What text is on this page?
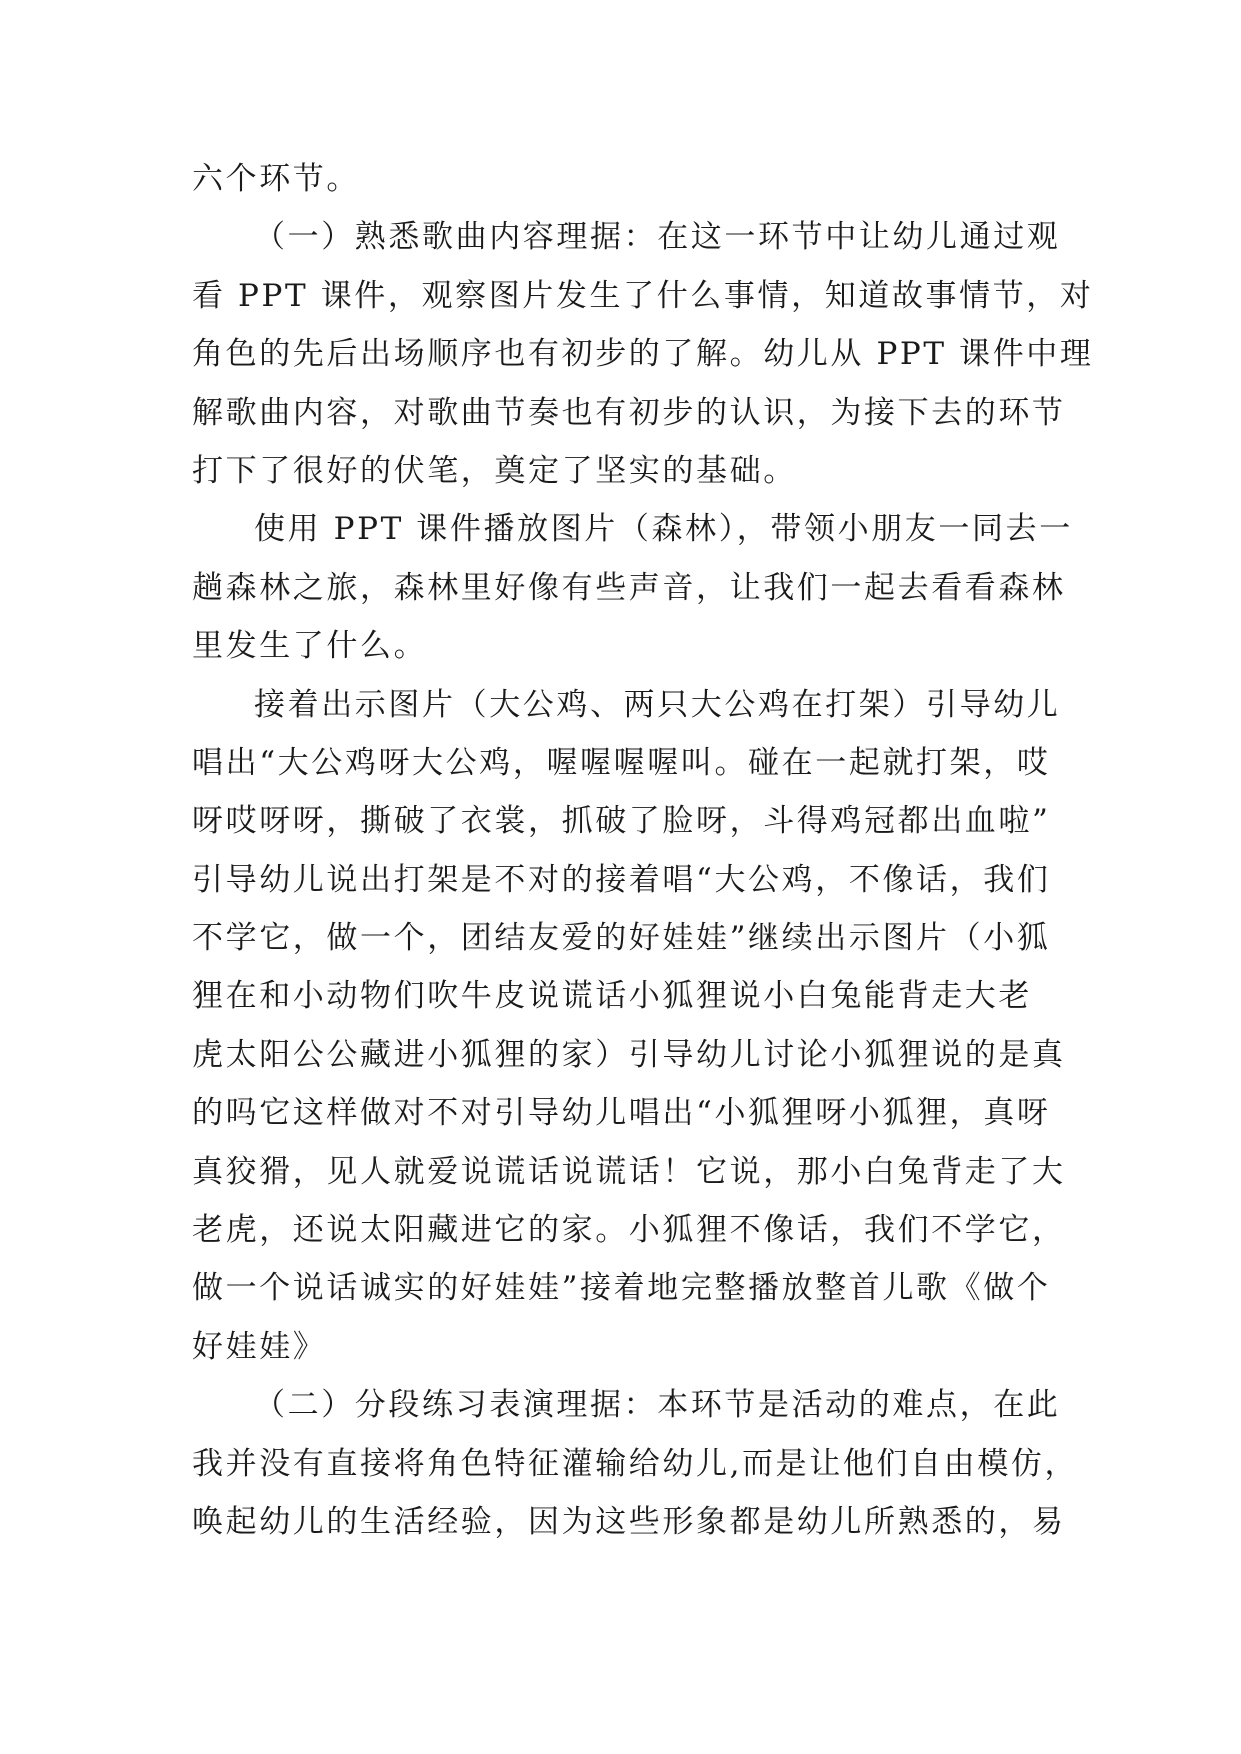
六个环节。
（一）熟悉歌曲内容理据：在这一环节中让幼儿通过观
看 PPT 课件，观察图片发生了什么事情，知道故事情节，对
角色的先后出场顺序也有初步的了解。幼儿从 PPT 课件中理
解歌曲内容，对歌曲节奏也有初步的认识，为接下去的环节
打下了很好的伏笔，奠定了坚实的基础。
使用 PPT 课件播放图片（森林），带领小朋友一同去一
趟森林之旅，森林里好像有些声音，让我们一起去看看森林
里发生了什么。
接着出示图片（大公鸡、两只大公鸡在打架）引导幼儿
唱出“大公鸡呀大公鸡，喔喔喔喔叫。碰在一起就打架，哎
呀哎呀呀，撕破了衣裳，抓破了脸呀，斗得鸡冠都出血啦”
引导幼儿说出打架是不对的接着唱“大公鸡，不像话，我们
不学它，做一个，团结友爱的好娃娃”继续出示图片（小狐
狸在和小动物们吹牛皮说谎话小狐狸说小白兔能背走大老
虎太阳公公藏进小狐狸的家）引导幼儿讨论小狐狸说的是真
的吗它这样做对不对引导幼儿唱出“小狐狸呀小狐狸，真呀
真狡猾，见人就爱说谎话说谎话！它说，那小白兔背走了大
老虎，还说太阳藏进它的家。小狐狸不像话，我们不学它，
做一个说话诚实的好娃娃”接着地完整播放整首儿歌《做个
好娃娃》
（二）分段练习表演理据：本环节是活动的难点，在此
我并没有直接将角色特征灌输给幼儿,而是让他们自由模仿，
唤起幼儿的生活经验，因为这些形象都是幼儿所熟悉的，易
